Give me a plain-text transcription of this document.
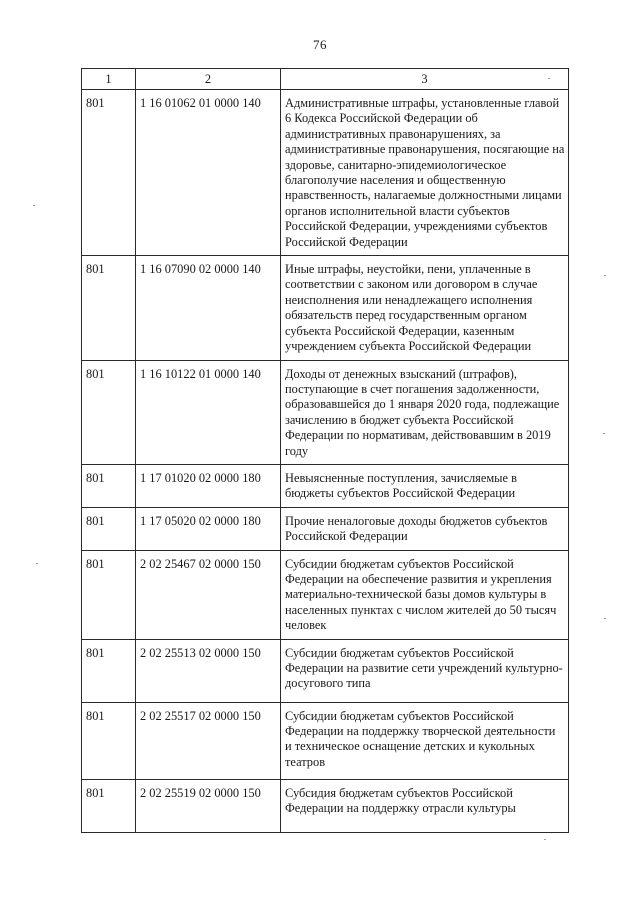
76
1	2	3
801	1 16 01062 01 0000 140	Административные штрафы, установленные главой 6 Кодекса Российской Федерации об административных правонарушениях, за административные правонарушения, посягающие на здоровье, санитарно-эпидемиологическое благополучие населения и общественную нравственность, налагаемые должностными лицами органов исполнительной власти субъектов Российской Федерации, учреждениями субъектов Российской Федерации
801	1 16 07090 02 0000 140	Иные штрафы, неустойки, пени, уплаченные в соответствии с законом или договором в случае неисполнения или ненадлежащего исполнения обязательств перед государственным органом субъекта Российской Федерации, казенным учреждением субъекта Российской Федерации
801	1 16 10122 01 0000 140	Доходы от денежных взысканий (штрафов), поступающие в счет погашения задолженности, образовавшейся до 1 января 2020 года, подлежащие зачислению в бюджет субъекта Российской Федерации по нормативам, действовавшим в 2019 году
801	1 17 01020 02 0000 180	Невыясненные поступления, зачисляемые в бюджеты субъектов Российской Федерации
801	1 17 05020 02 0000 180	Прочие неналоговые доходы бюджетов субъектов Российской Федерации
801	2 02 25467 02 0000 150	Субсидии бюджетам субъектов Российской Федерации на обеспечение развития и укрепления материально-технической базы домов культуры в населенных пунктах с числом жителей до 50 тысяч человек
801	2 02 25513 02 0000 150	Субсидии бюджетам субъектов Российской Федерации на развитие сети учреждений культурно-досугового типа
801	2 02 25517 02 0000 150	Субсидии бюджетам субъектов Российской Федерации на поддержку творческой деятельности и техническое оснащение детских и кукольных театров
801	2 02 25519 02 0000 150	Субсидия бюджетам субъектов Российской Федерации на поддержку отрасли культуры
